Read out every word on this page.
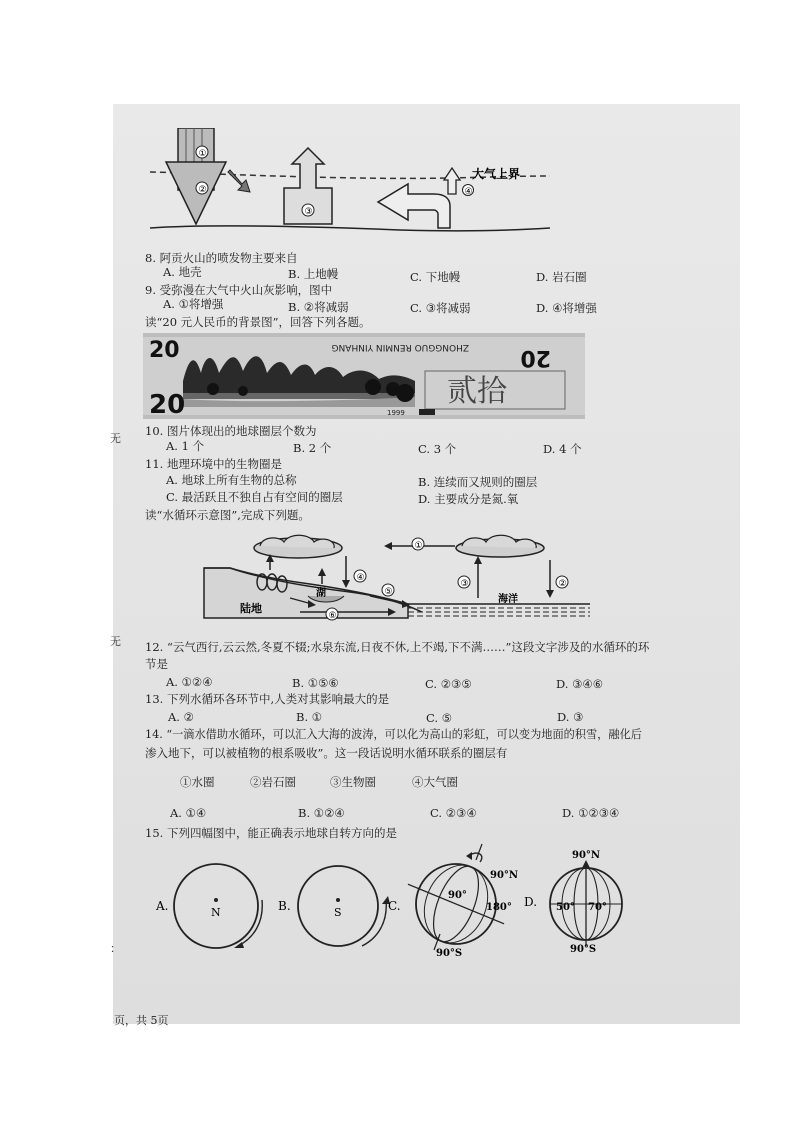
①
②
③
④
大气上界
8. 阿贡火山的喷发物主要来自
A. 地壳	B. 上地幔	C. 下地幔	D. 岩石圈
9. 受弥漫在大气中火山灰影响，图中
A. ①将增强	B. ②将减弱	C. ③将减弱	D. ④将增强
读“20 元人民币的背景图”，回答下列各题。
20
20
ZHONGGUO RENMIN YINHANG 20
贰拾
1999
10. 图片体现出的地球圈层个数为
A. 1 个	B. 2 个	C. 3 个	D. 4 个
11. 地理环境中的生物圈是
A. 地球上所有生物的总称	B. 连续而又规则的圈层
C. 最活跃且不独自占有空间的圈层	D. 主要成分是氮.氧
读“水循环示意图”,完成下列题。
①
④
湖
陆地
⑤
⑥
海洋
③	②
12. “云气西行,云云然,冬夏不辍;水泉东流,日夜不休,上不竭,下不满……”这段文字涉及的水循环的环
节是
A. ①②④	B. ①⑤⑥	C. ②③⑤	D. ③④⑥
13. 下列水循环各环节中,人类对其影响最大的是
A. ②	B. ①	C. ⑤	D. ③
14. “一滴水借助水循环，可以汇入大海的波涛，可以化为高山的彩虹，可以变为地面的积雪，融化后
渗入地下，可以被植物的根系吸收”。这一段话说明水循环联系的圈层有
①水圈	②岩石圈	③生物圈	④大气圈
A. ①④	B. ①②④	C. ②③④	D. ①②③④
15. 下列四幅图中，能正确表示地球自转方向的是
A.	N	B.	S	C.
90°N
90°
180°
90°S
D.
90°N
50° 70°
90°S
页，共 5页
无
无
：
